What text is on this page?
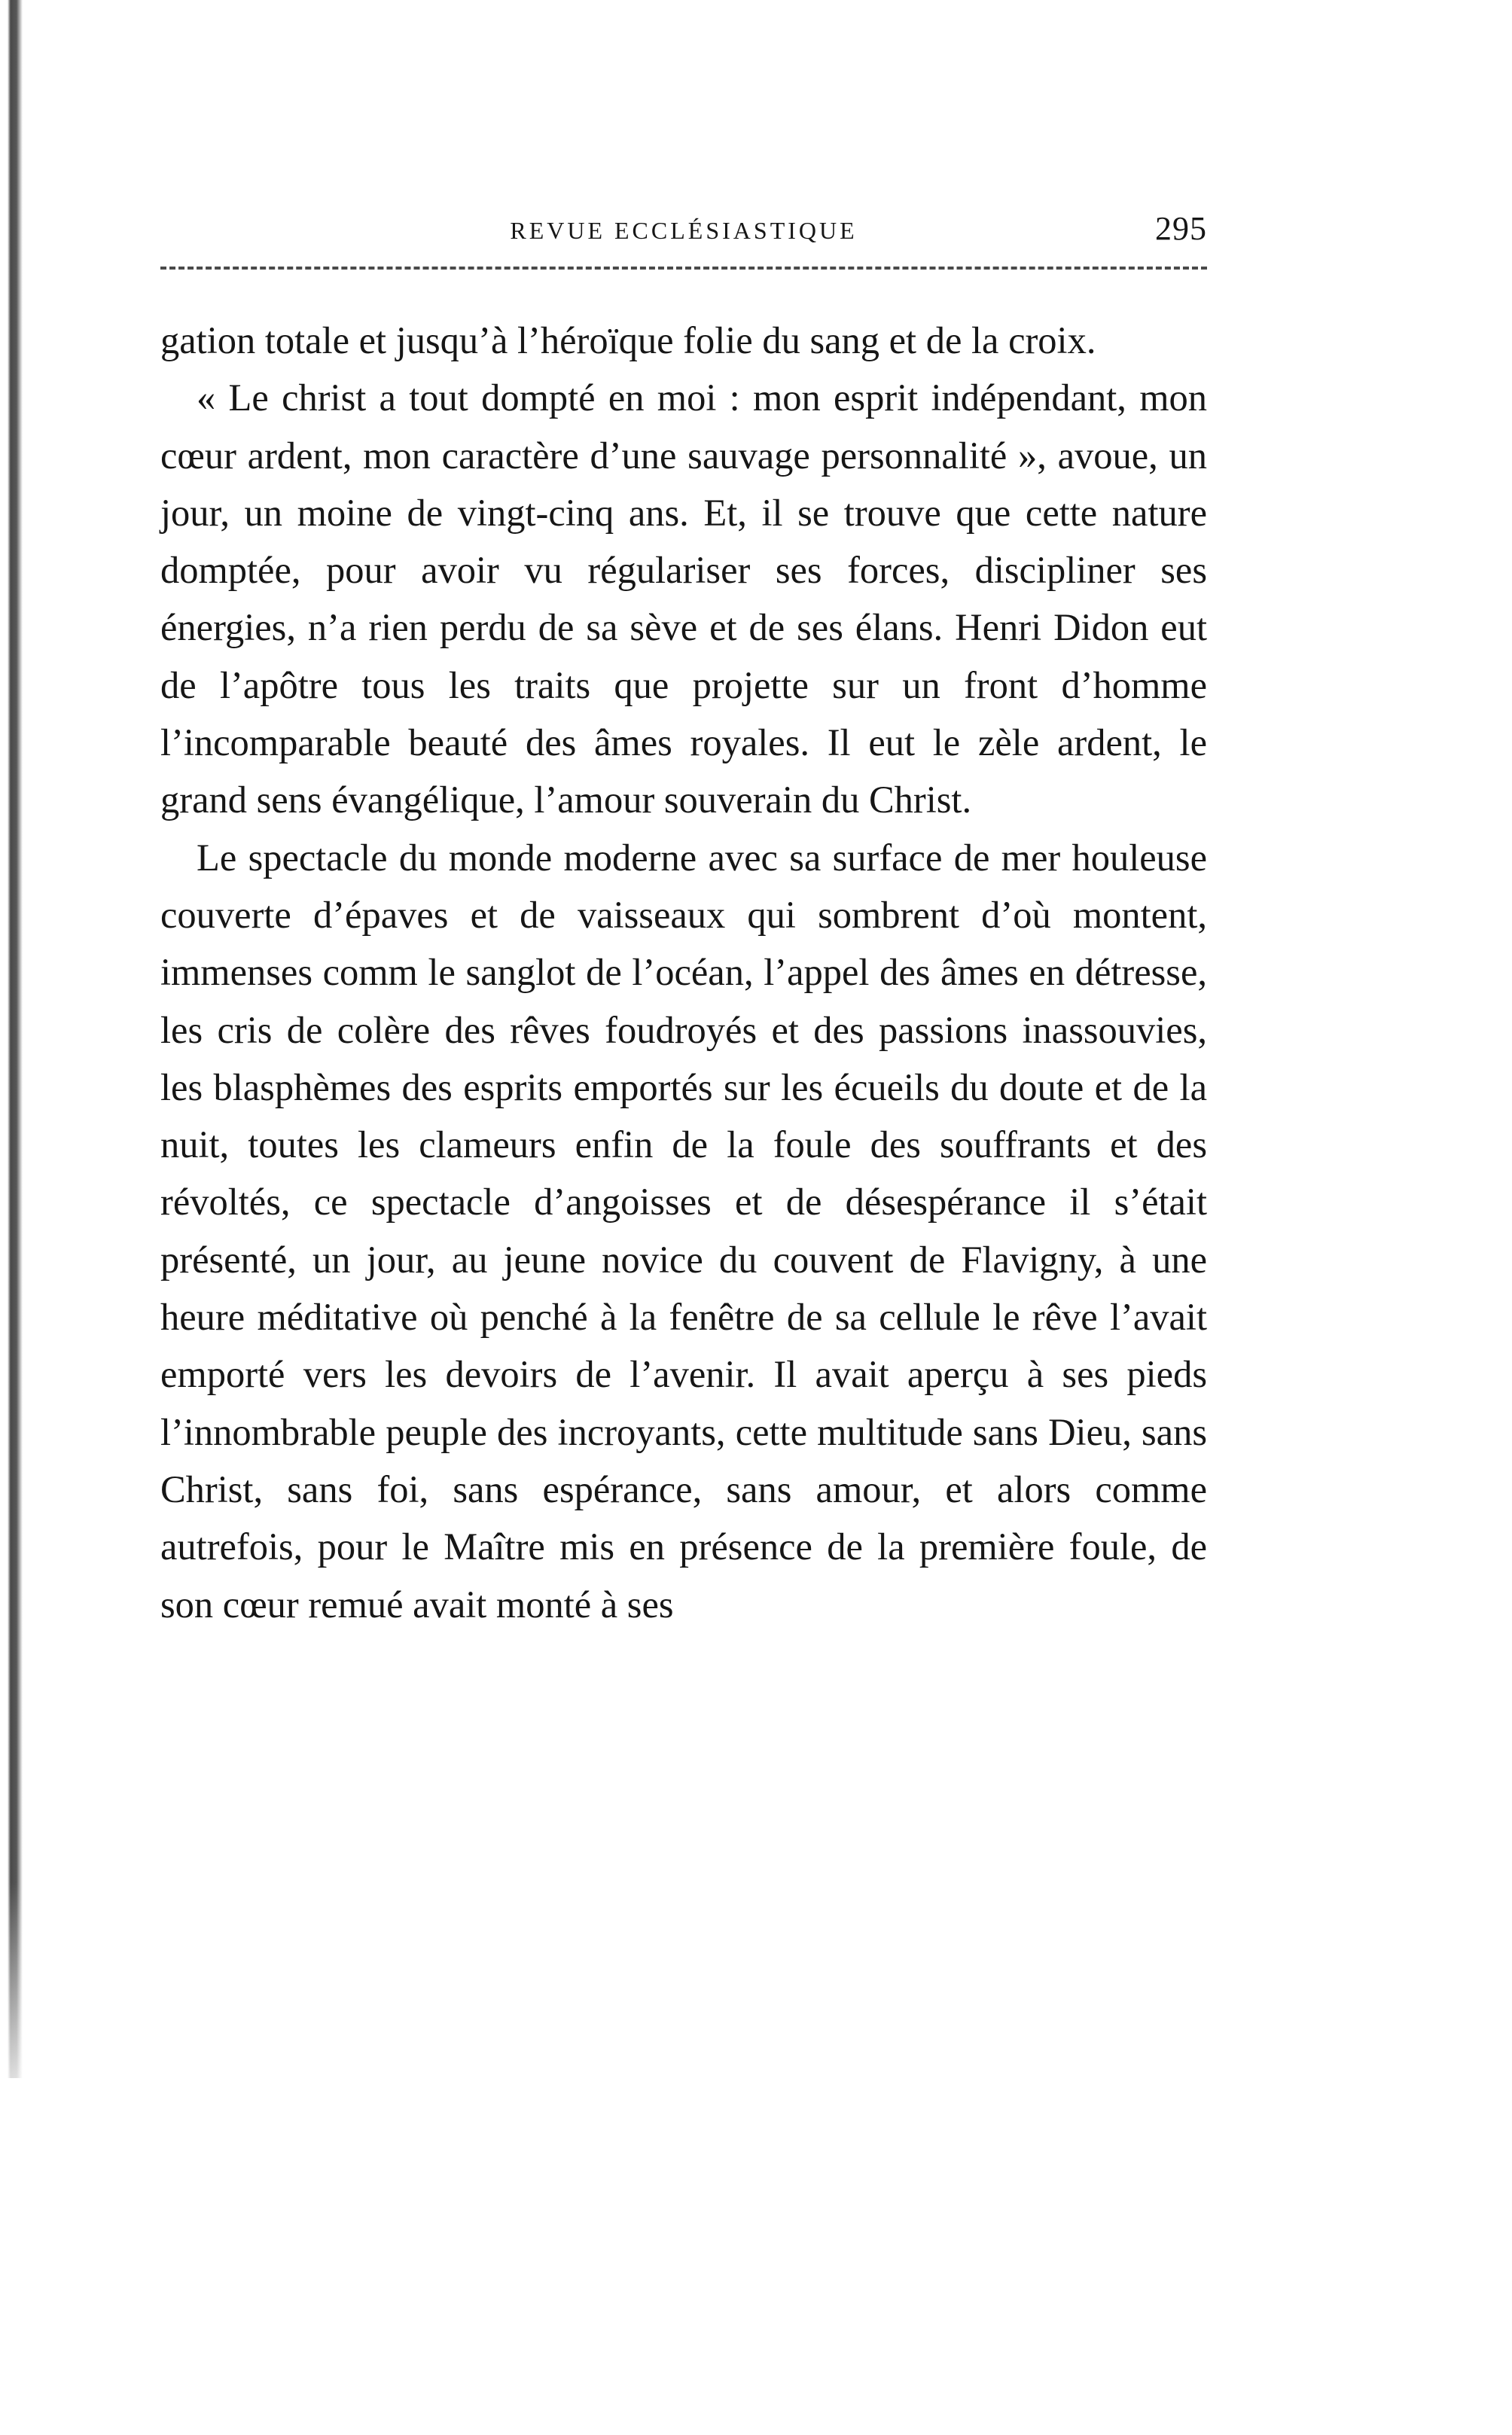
REVUE ECCLÉSIASTIQUE	295

gation totale et jusqu’à l’héroïque folie du sang et de la croix.

« Le christ a tout dompté en moi : mon esprit indépendant, mon cœur ardent, mon caractère d’une sauvage personnalité », avoue, un jour, un moine de vingt-cinq ans. Et, il se trouve que cette nature domptée, pour avoir vu régulariser ses forces, discipliner ses énergies, n’a rien perdu de sa sève et de ses élans. Henri Didon eut de l’apôtre tous les traits que projette sur un front d’homme l’incomparable beauté des âmes royales. Il eut le zèle ardent, le grand sens évangélique, l’amour souverain du Christ.

Le spectacle du monde moderne avec sa surface de mer houleuse couverte d’épaves et de vaisseaux qui sombrent d’où montent, immenses comm le sanglot de l’océan, l’appel des âmes en détresse, les cris de colère des rêves foudroyés et des passions inassouvies, les blasphèmes des esprits emportés sur les écueils du doute et de la nuit, toutes les clameurs enfin de la foule des souffrants et des révoltés, ce spectacle d’angoisses et de désespérance il s’était présenté, un jour, au jeune novice du couvent de Flavigny, à une heure méditative où penché à la fenêtre de sa cellule le rêve l’avait emporté vers les devoirs de l’avenir. Il avait aperçu à ses pieds l’innombrable peuple des incroyants, cette multitude sans Dieu, sans Christ, sans foi, sans espérance, sans amour, et alors comme autrefois, pour le Maître mis en présence de la première foule, de son cœur remué avait monté à ses
